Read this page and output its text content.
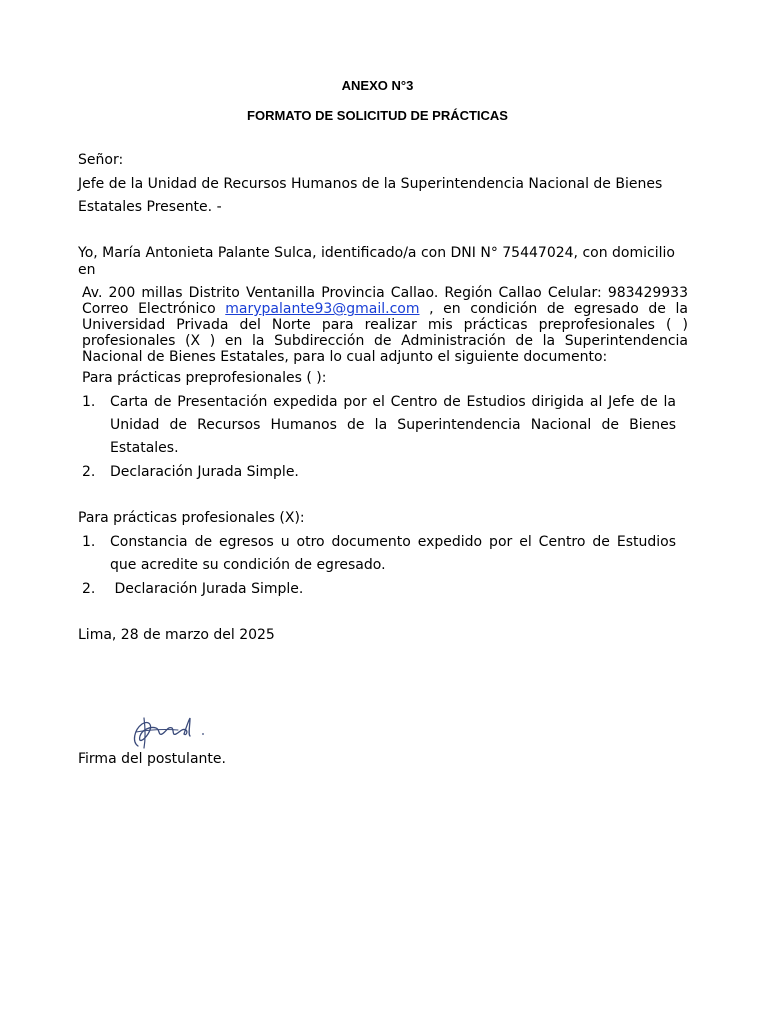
ANEXO N°3
FORMATO DE SOLICITUD DE PRÁCTICAS
Señor:
Jefe de la Unidad de Recursos Humanos de la Superintendencia Nacional de Bienes
Estatales Presente. -
Yo, María Antonieta Palante Sulca, identificado/a con DNI N° 75447024, con domicilio
en
Av. 200 millas Distrito Ventanilla Provincia Callao. Región Callao Celular: 983429933 Correo Electrónico marypalante93@gmail.com , en condición de egresado de la Universidad Privada del Norte para realizar mis prácticas preprofesionales ( ) profesionales (X ) en la Subdirección de Administración de la Superintendencia Nacional de Bienes Estatales, para lo cual adjunto el siguiente documento:
Para prácticas preprofesionales ( ):
1. Carta de Presentación expedida por el Centro de Estudios dirigida al Jefe de la Unidad de Recursos Humanos de la Superintendencia Nacional de Bienes Estatales.
2. Declaración Jurada Simple.
Para prácticas profesionales (X):
1. Constancia de egresos u otro documento expedido por el Centro de Estudios que acredite su condición de egresado.
2. Declaración Jurada Simple.
Lima, 28 de marzo del 2025
Firma del postulante.
